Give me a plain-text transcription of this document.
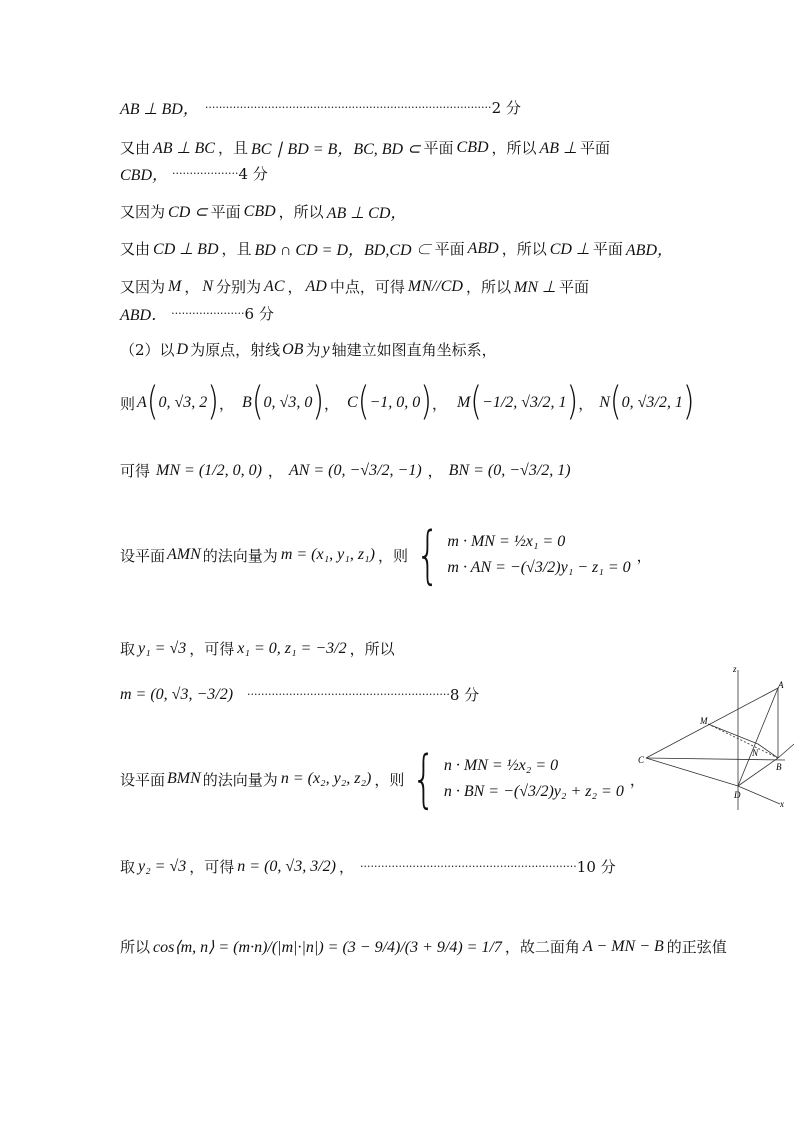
AB ⊥ BD， ·················································································· 2 分
又由 AB ⊥ BC ，且 BC ∣ BD = B，BC, BD ⊂ 平面 CBD ，所以 AB ⊥ 平面
CBD， ··················· 4 分
又因为 CD ⊂ 平面 CBD ，所以 AB ⊥ CD，
又由 CD ⊥ BD ，且 BD ∩ CD = D，BD,CD ⊂ 平面 ABD ，所以 CD ⊥ 平面 ABD，
又因为 M ， N 分别为 AC ， AD 中点，可得 MN//CD ，所以 MN ⊥ 平面
ABD． ····················· 6 分
（2）以 D 为原点，射线 OB 为 y 轴建立如图直角坐标系，
则 A ( 0, √3, 2 ) ， B ( 0, √3, 0 ) ， C ( −1, 0, 0 ) ， M ( −1/2, √3/2, 1 ) ， N ( 0, √3/2, 1 )
可得 MN = (1/2, 0, 0) ， AN = (0, −√3/2, −1) ， BN = (0, −√3/2, 1)
设平面 AMN 的法向量为 m = (x₁, y₁, z₁) ，则 { m · MN = ½x₁ = 0
m · AN = −(√3/2)y₁ − z₁ = 0
，
取 y₁ = √3 ，可得 x₁ = 0, z₁ = −3/2 ，所以
m = (0, √3, −3/2) ·························································· 8 分
设平面 BMN 的法向量为 n = (x₂, y₂, z₂) ，则 { n · MN = ½x₂ = 0
n · BN = −(√3/2)y₂ + z₂ = 0
，
取 y₂ = √3 ，可得 n = (0, √3, 3/2) ， ······························································ 10 分
所以 cos⟨m, n⟩ = (m·n)/(|m|·|n|) = (3 − 9/4)/(3 + 9/4) = 1/7 ，故二面角 A − MN − B 的正弦值
z
x
A
M
C
N
B
D
